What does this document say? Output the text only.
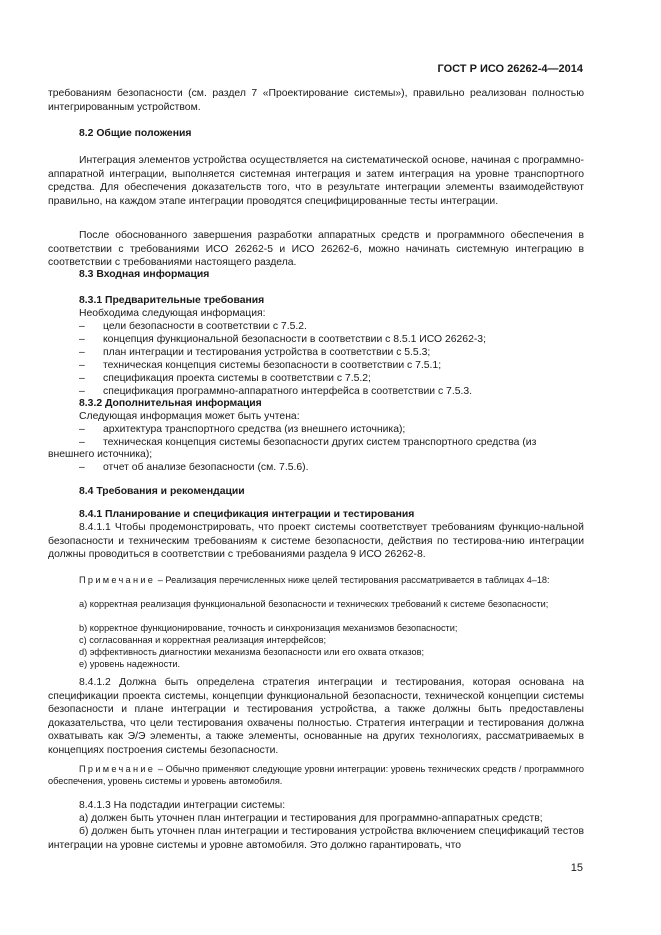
ГОСТ Р ИСО 26262-4—2014

требованиям безопасности (см. раздел 7 «Проектирование системы»), правильно реализован полностью интегрированным устройством.

8.2 Общие положения

Интеграция элементов устройства осуществляется на систематической основе, начиная с программно-аппаратной интеграции, выполняется системная интеграция и затем интеграция на уровне транспортного средства. Для обеспечения доказательств того, что в результате интеграции элементы взаимодействуют правильно, на каждом этапе интеграции проводятся специфицированные тесты интеграции.

После обоснованного завершения разработки аппаратных средств и программного обеспечения в соответствии с требованиями ИСО 26262-5 и ИСО 26262-6, можно начинать системную интеграцию в соответствии с требованиями настоящего раздела.

8.3 Входная информация

8.3.1 Предварительные требования

Необходима следующая информация:

– цели безопасности в соответствии с 7.5.2.

– концепция функциональной безопасности в соответствии с 8.5.1 ИСО 26262-3;

– план интеграции и тестирования устройства в соответствии с 5.5.3;

– техническая концепция системы безопасности в соответствии с 7.5.1;

– спецификация проекта системы в соответствии с 7.5.2;

– спецификация программно-аппаратного интерфейса в соответствии с 7.5.3.

8.3.2 Дополнительная информация

Следующая информация может быть учтена:

– архитектура транспортного средства (из внешнего источника);

– техническая концепция системы безопасности других систем транспортного средства (из

внешнего источника);

– отчет об анализе безопасности (см. 7.5.6).

8.4 Требования и рекомендации

8.4.1 Планирование и спецификация интеграции и тестирования

8.4.1.1 Чтобы продемонстрировать, что проект системы соответствует требованиям функцио-нальной безопасности и техническим требованиям к системе безопасности, действия по тестирова-нию интеграции должны проводиться в соответствии с требованиями раздела 9 ИСО 26262-8.

Примечание – Реализация перечисленных ниже целей тестирования рассматривается в таблицах 4–18:

a) корректная реализация функциональной безопасности и технических требований к системе безопасности;

b) корректное функционирование, точность и синхронизация механизмов безопасности;

c) согласованная и корректная реализация интерфейсов;

d) эффективность диагностики механизма безопасности или его охвата отказов;

e) уровень надежности.

8.4.1.2 Должна быть определена стратегия интеграции и тестирования, которая основана на спецификации проекта системы, концепции функциональной безопасности, технической концепции системы безопасности и плане интеграции и тестирования устройства, а также должны быть предоставлены доказательства, что цели тестирования охвачены полностью. Стратегия интеграции и тестирования должна охватывать как Э/Э элементы, а также элементы, основанные на других технологиях, рассматриваемых в концепциях построения системы безопасности.

Примечание – Обычно применяют следующие уровни интеграции: уровень технических средств / программного обеспечения, уровень системы и уровень автомобиля.

8.4.1.3 На подстадии интеграции системы:

а) должен быть уточнен план интеграции и тестирования для программно-аппаратных средств;

б) должен быть уточнен план интеграции и тестирования устройства включением спецификаций тестов интеграции на уровне системы и уровне автомобиля. Это должно гарантировать, что

15
